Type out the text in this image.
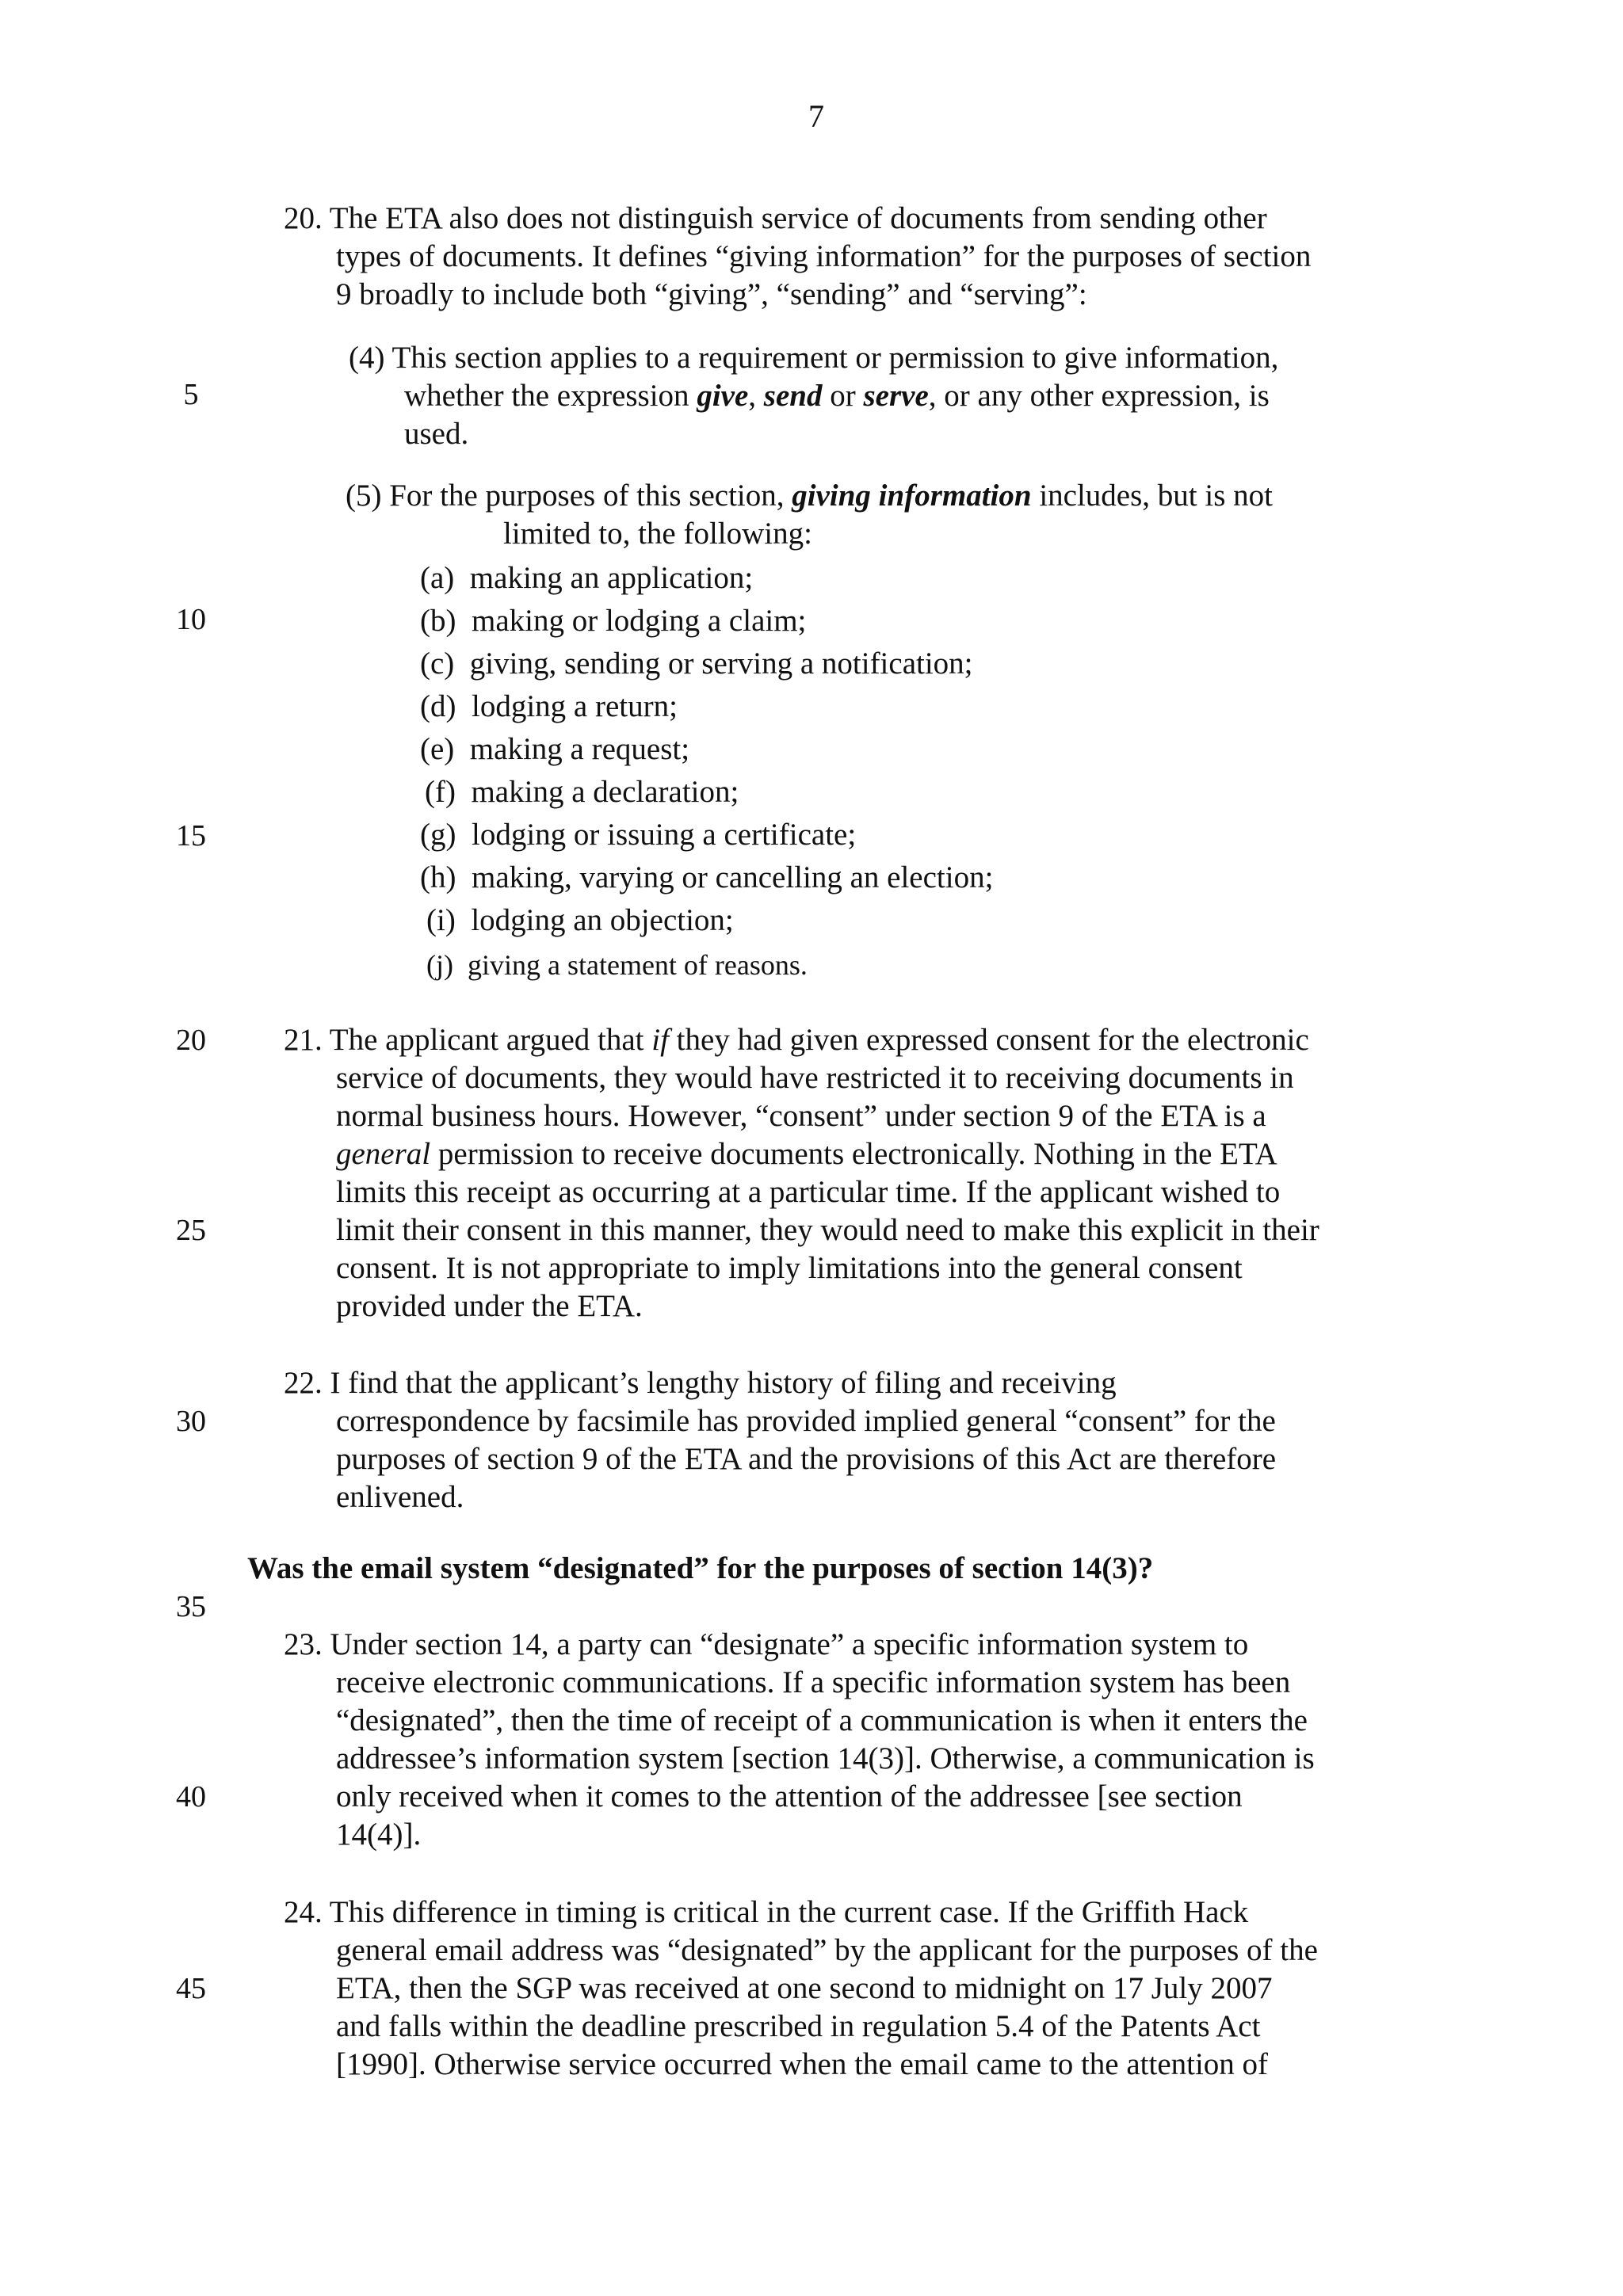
7
5
10
15
20
25
30
35
40
45
20. The ETA also does not distinguish service of documents from sending other
types of documents. It defines “giving information” for the purposes of section
9 broadly to include both “giving”, “sending” and “serving”:
(4) This section applies to a requirement or permission to give information,
whether the expression give, send or serve, or any other expression, is
used.
(5) For the purposes of this section, giving information includes, but is not
limited to, the following:
(a) making an application;
(b) making or lodging a claim;
(c) giving, sending or serving a notification;
(d) lodging a return;
(e) making a request;
(f) making a declaration;
(g) lodging or issuing a certificate;
(h) making, varying or cancelling an election;
(i) lodging an objection;
(j) giving a statement of reasons.
21. The applicant argued that if they had given expressed consent for the electronic
service of documents, they would have restricted it to receiving documents in
normal business hours. However, “consent” under section 9 of the ETA is a
general permission to receive documents electronically. Nothing in the ETA
limits this receipt as occurring at a particular time. If the applicant wished to
limit their consent in this manner, they would need to make this explicit in their
consent. It is not appropriate to imply limitations into the general consent
provided under the ETA.
22. I find that the applicant’s lengthy history of filing and receiving
correspondence by facsimile has provided implied general “consent” for the
purposes of section 9 of the ETA and the provisions of this Act are therefore
enlivened.
Was the email system “designated” for the purposes of section 14(3)?
23. Under section 14, a party can “designate” a specific information system to
receive electronic communications. If a specific information system has been
“designated”, then the time of receipt of a communication is when it enters the
addressee’s information system [section 14(3)]. Otherwise, a communication is
only received when it comes to the attention of the addressee [see section
14(4)].
24. This difference in timing is critical in the current case. If the Griffith Hack
general email address was “designated” by the applicant for the purposes of the
ETA, then the SGP was received at one second to midnight on 17 July 2007
and falls within the deadline prescribed in regulation 5.4 of the Patents Act
[1990]. Otherwise service occurred when the email came to the attention of
